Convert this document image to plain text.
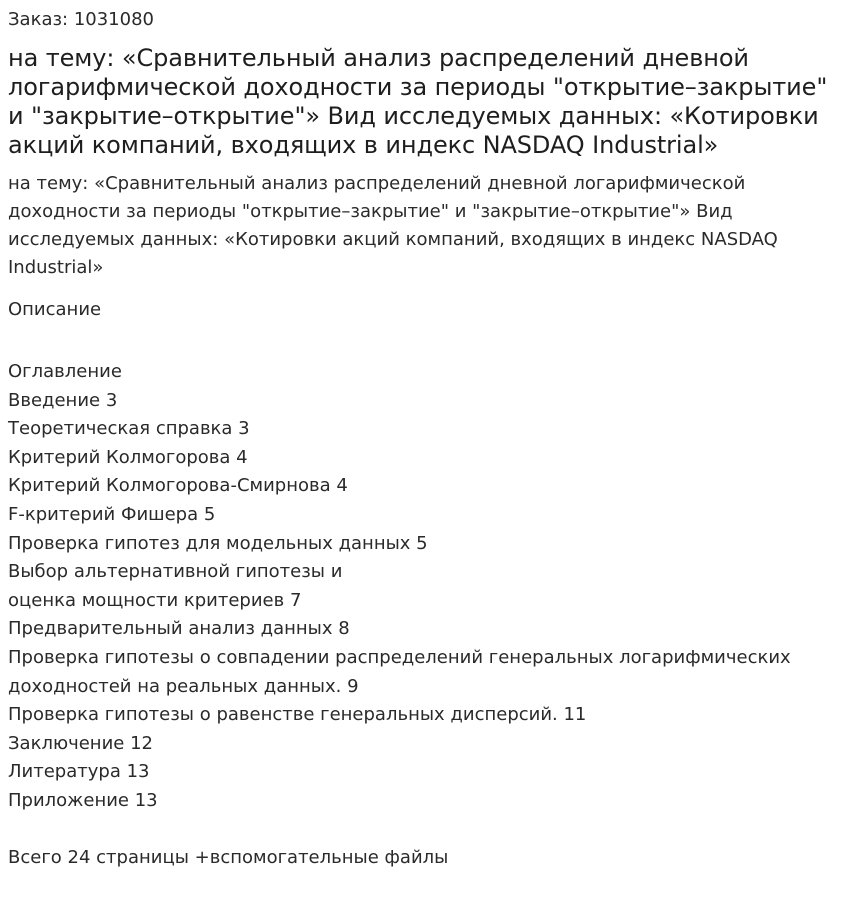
Заказ: 1031080
на тему: «Сравнительный анализ распределений дневной логарифмической доходности за периоды "открытие–закрытие" и "закрытие–открытие"» Вид исследуемых данных: «Котировки акций компаний, входящих в индекс NASDAQ Industrial»
на тему: «Сравнительный анализ распределений дневной логарифмической доходности за периоды "открытие–закрытие" и "закрытие–открытие"» Вид исследуемых данных: «Котировки акций компаний, входящих в индекс NASDAQ Industrial»
Описание
Оглавление
Введение 3
Теоретическая справка 3
Критерий Колмогорова 4
Критерий Колмогорова-Смирнова 4
F-критерий Фишера 5
Проверка гипотез для модельных данных 5
Выбор альтернативной гипотезы и
оценка мощности критериев 7
Предварительный анализ данных 8
Проверка гипотезы о совпадении распределений генеральных логарифмических доходностей на реальных данных. 9
Проверка гипотезы о равенстве генеральных дисперсий. 11
Заключение 12
Литература 13
Приложение 13
Всего 24 страницы +вспомогательные файлы
